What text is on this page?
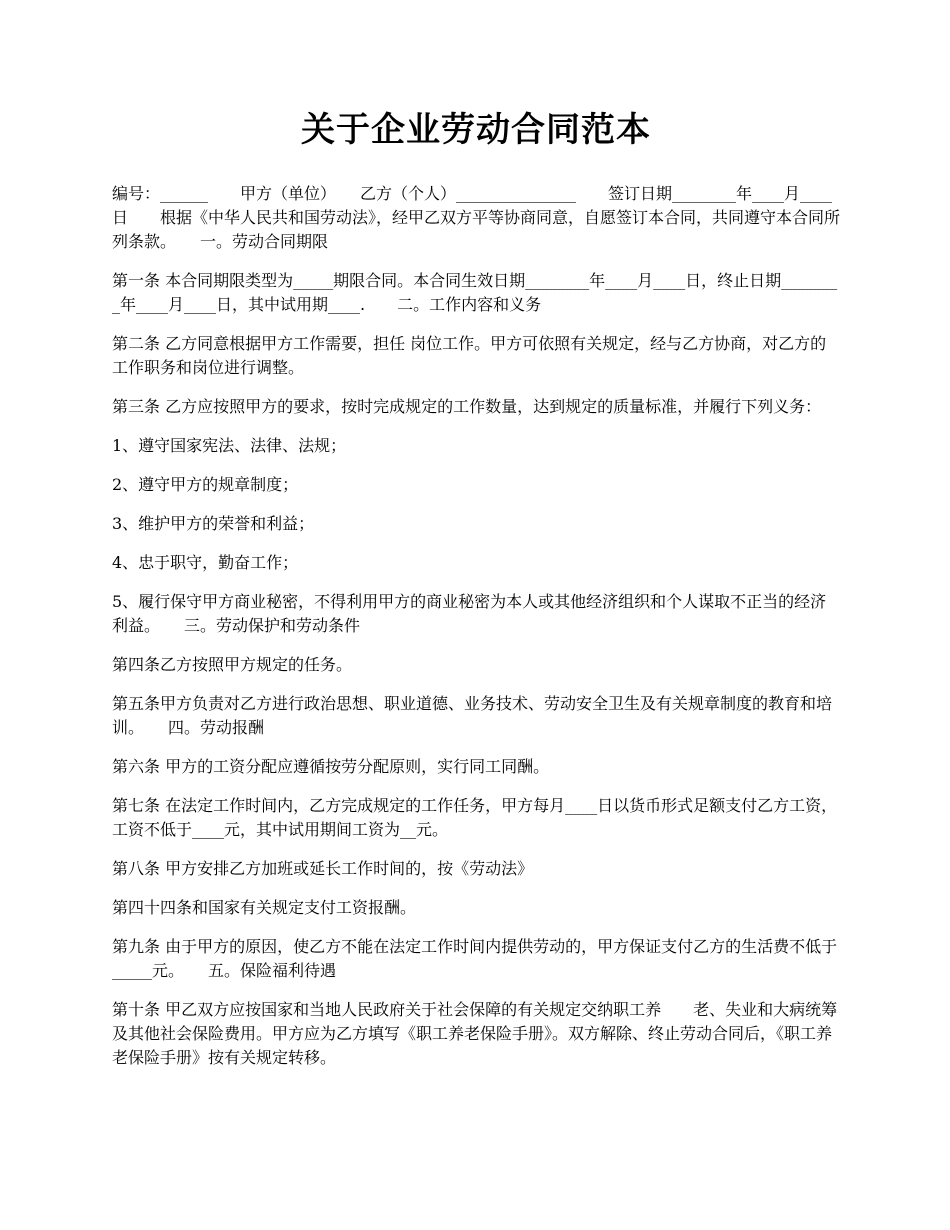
关于企业劳动合同范本

编号：______　　甲方（单位）　　乙方（个人）_______________　　签订日期________年____月____日　　根据《中华人民共和国劳动法》，经甲乙双方平等协商同意，自愿签订本合同，共同遵守本合同所列条款。　　一。劳动合同期限

第一条 本合同期限类型为_____期限合同。本合同生效日期________年____月____日，终止日期________年____月____日，其中试用期____.　　二。工作内容和义务

第二条 乙方同意根据甲方工作需要，担任 岗位工作。甲方可依照有关规定，经与乙方协商，对乙方的工作职务和岗位进行调整。

第三条 乙方应按照甲方的要求，按时完成规定的工作数量，达到规定的质量标准，并履行下列义务：

1、遵守国家宪法、法律、法规；

2、遵守甲方的规章制度；

3、维护甲方的荣誉和利益；

4、忠于职守，勤奋工作；

5、履行保守甲方商业秘密，不得利用甲方的商业秘密为本人或其他经济组织和个人谋取不正当的经济利益。　　三。劳动保护和劳动条件

第四条乙方按照甲方规定的任务。

第五条甲方负责对乙方进行政治思想、职业道德、业务技术、劳动安全卫生及有关规章制度的教育和培训。　　四。劳动报酬

第六条 甲方的工资分配应遵循按劳分配原则，实行同工同酬。

第七条 在法定工作时间内，乙方完成规定的工作任务，甲方每月____日以货币形式足额支付乙方工资，工资不低于____元，其中试用期间工资为__元。

第八条 甲方安排乙方加班或延长工作时间的，按《劳动法》

第四十四条和国家有关规定支付工资报酬。

第九条 由于甲方的原因，使乙方不能在法定工作时间内提供劳动的，甲方保证支付乙方的生活费不低于_____元。　　五。保险福利待遇

第十条 甲乙双方应按国家和当地人民政府关于社会保障的有关规定交纳职工养　　老、失业和大病统筹及其他社会保险费用。甲方应为乙方填写《职工养老保险手册》。双方解除、终止劳动合同后，《职工养老保险手册》按有关规定转移。
